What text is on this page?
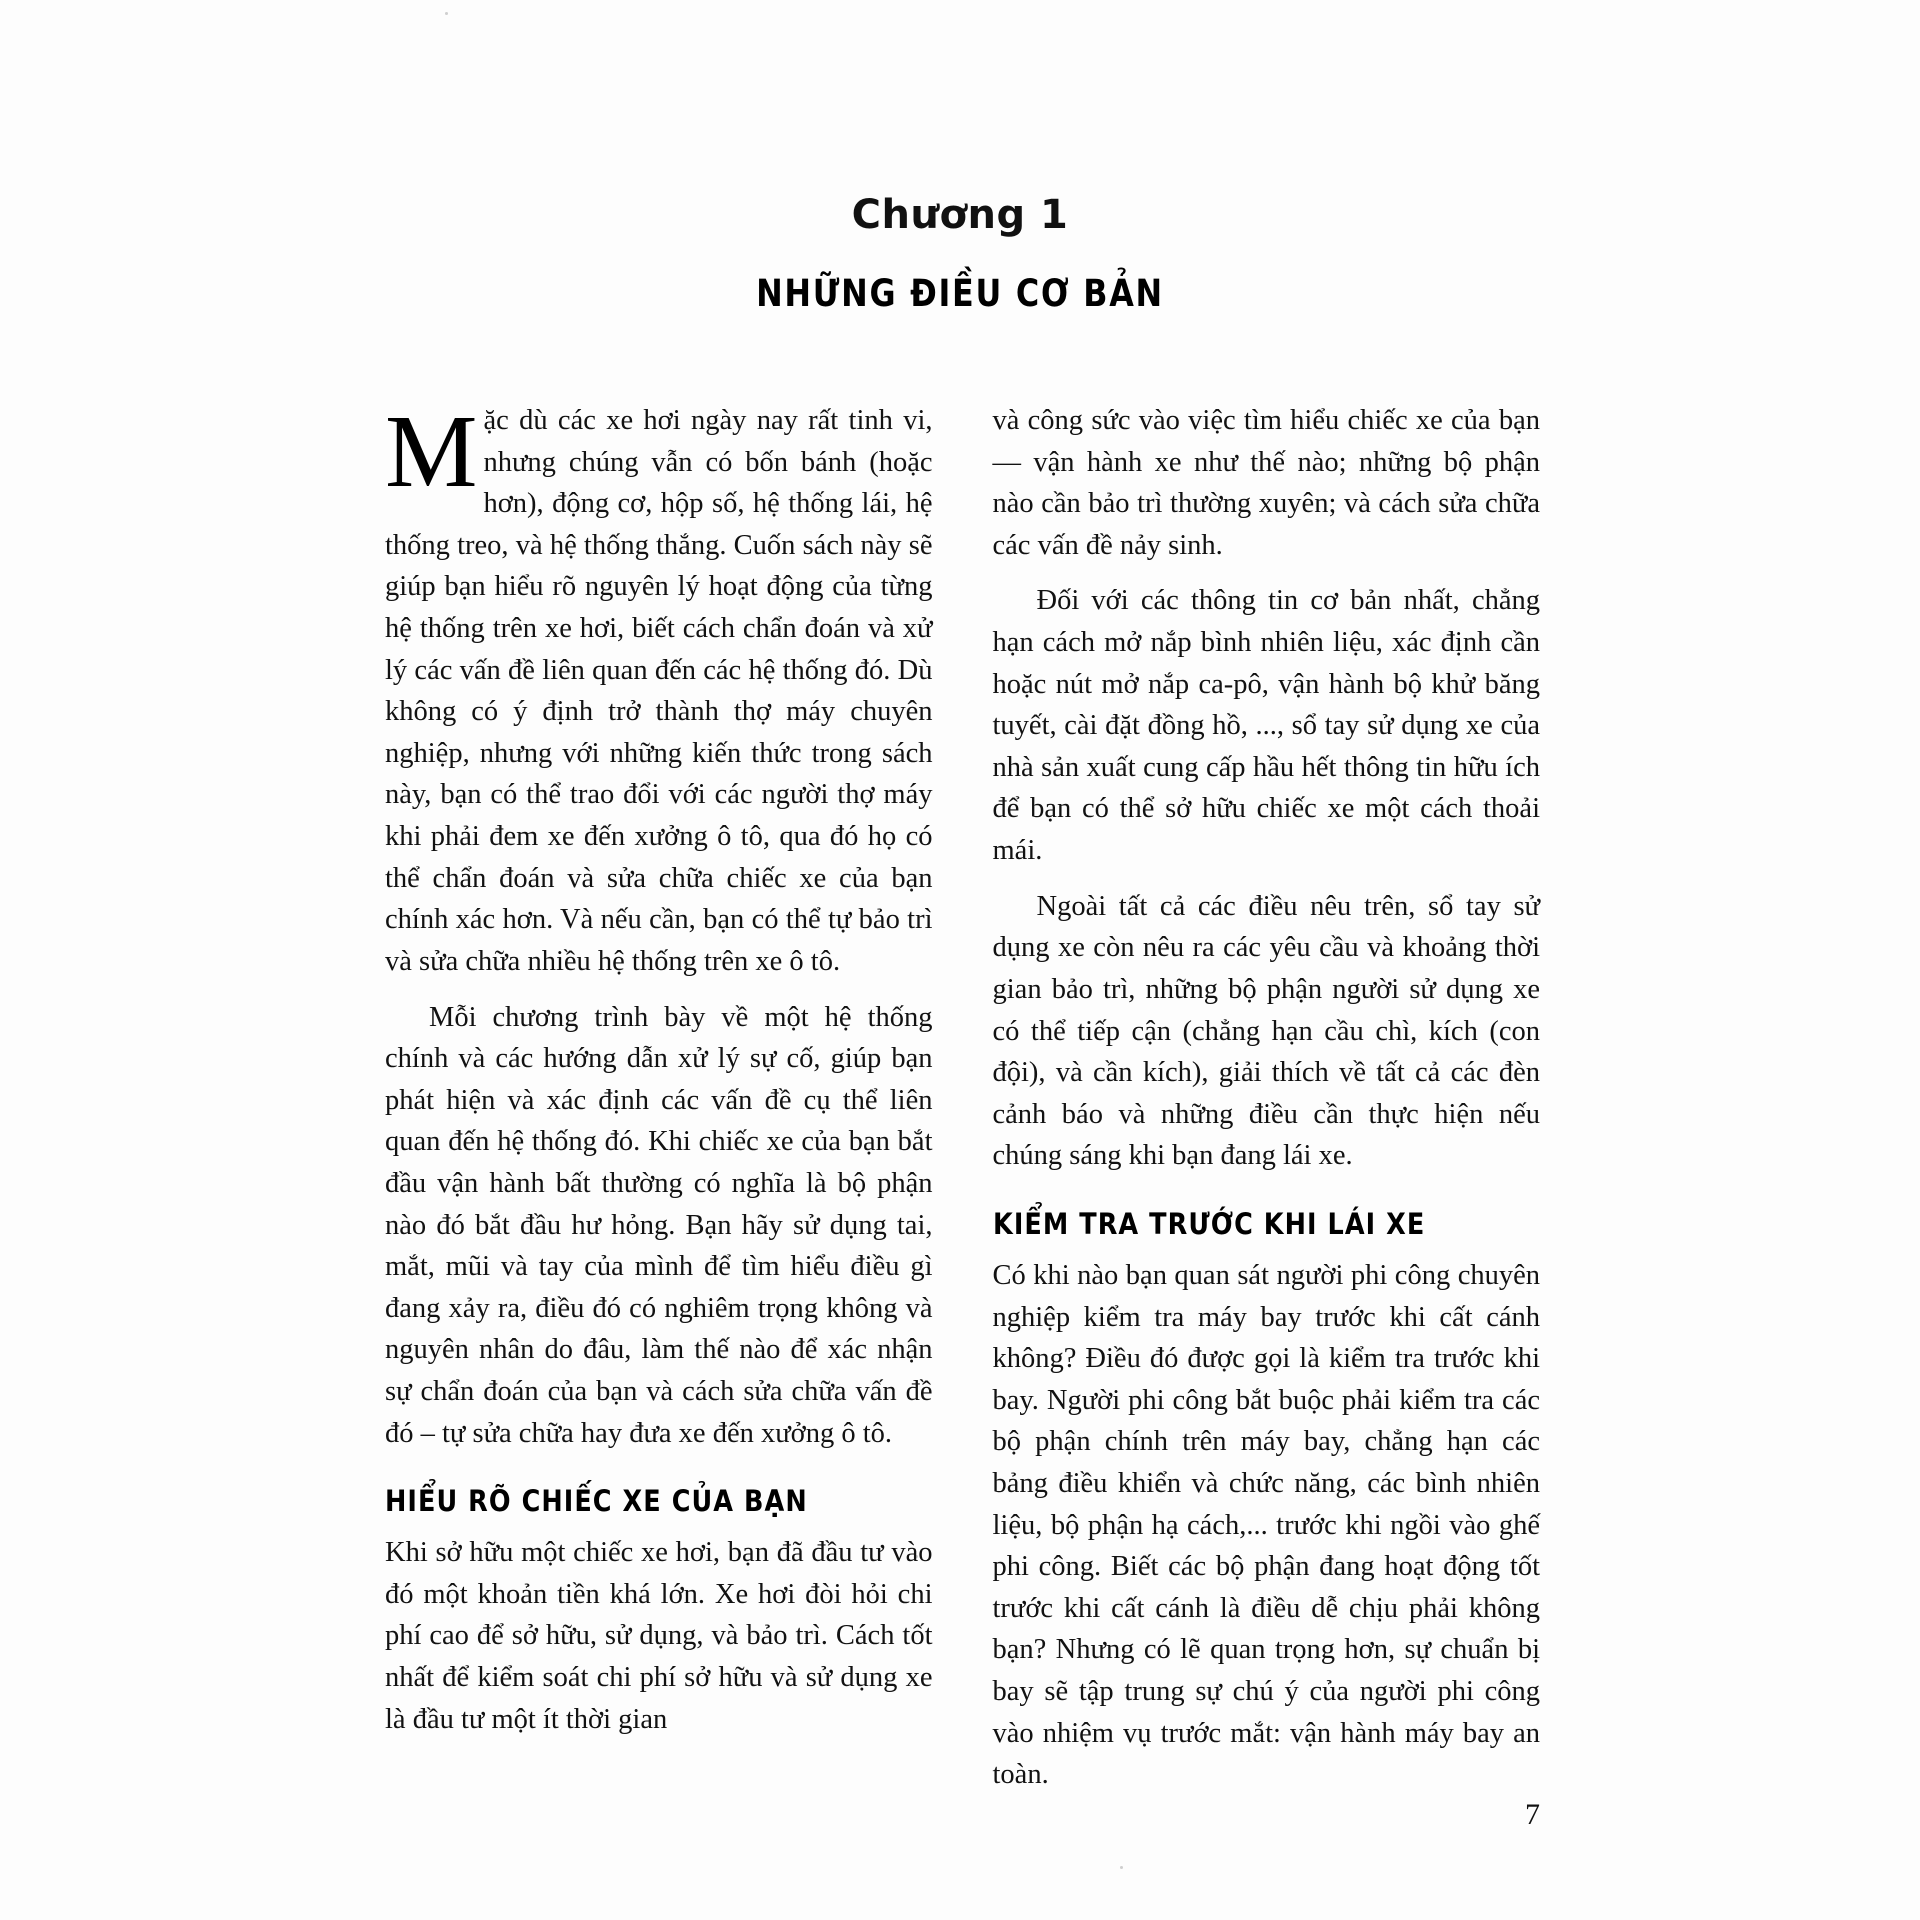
Chương 1
NHỮNG ĐIỀU CƠ BẢN

Mặc dù các xe hơi ngày nay rất tinh vi, nhưng chúng vẫn có bốn bánh (hoặc hơn), động cơ, hộp số, hệ thống lái, hệ thống treo, và hệ thống thắng. Cuốn sách này sẽ giúp bạn hiểu rõ nguyên lý hoạt động của từng hệ thống trên xe hơi, biết cách chẩn đoán và xử lý các vấn đề liên quan đến các hệ thống đó. Dù không có ý định trở thành thợ máy chuyên nghiệp, nhưng với những kiến thức trong sách này, bạn có thể trao đổi với các người thợ máy khi phải đem xe đến xưởng ô tô, qua đó họ có thể chẩn đoán và sửa chữa chiếc xe của bạn chính xác hơn. Và nếu cần, bạn có thể tự bảo trì và sửa chữa nhiều hệ thống trên xe ô tô.

Mỗi chương trình bày về một hệ thống chính và các hướng dẫn xử lý sự cố, giúp bạn phát hiện và xác định các vấn đề cụ thể liên quan đến hệ thống đó. Khi chiếc xe của bạn bắt đầu vận hành bất thường có nghĩa là bộ phận nào đó bắt đầu hư hỏng. Bạn hãy sử dụng tai, mắt, mũi và tay của mình để tìm hiểu điều gì đang xảy ra, điều đó có nghiêm trọng không và nguyên nhân do đâu, làm thế nào để xác nhận sự chẩn đoán của bạn và cách sửa chữa vấn đề đó – tự sửa chữa hay đưa xe đến xưởng ô tô.

HIỂU RÕ CHIẾC XE CỦA BẠN

Khi sở hữu một chiếc xe hơi, bạn đã đầu tư vào đó một khoản tiền khá lớn. Xe hơi đòi hỏi chi phí cao để sở hữu, sử dụng, và bảo trì. Cách tốt nhất để kiểm soát chi phí sở hữu và sử dụng xe là đầu tư một ít thời gian

và công sức vào việc tìm hiểu chiếc xe của bạn — vận hành xe như thế nào; những bộ phận nào cần bảo trì thường xuyên; và cách sửa chữa các vấn đề nảy sinh.

Đối với các thông tin cơ bản nhất, chẳng hạn cách mở nắp bình nhiên liệu, xác định cần hoặc nút mở nắp ca-pô, vận hành bộ khử băng tuyết, cài đặt đồng hồ, ..., sổ tay sử dụng xe của nhà sản xuất cung cấp hầu hết thông tin hữu ích để bạn có thể sở hữu chiếc xe một cách thoải mái.

Ngoài tất cả các điều nêu trên, sổ tay sử dụng xe còn nêu ra các yêu cầu và khoảng thời gian bảo trì, những bộ phận người sử dụng xe có thể tiếp cận (chẳng hạn cầu chì, kích (con đội), và cần kích), giải thích về tất cả các đèn cảnh báo và những điều cần thực hiện nếu chúng sáng khi bạn đang lái xe.

KIỂM TRA TRƯỚC KHI LÁI XE

Có khi nào bạn quan sát người phi công chuyên nghiệp kiểm tra máy bay trước khi cất cánh không? Điều đó được gọi là kiểm tra trước khi bay. Người phi công bắt buộc phải kiểm tra các bộ phận chính trên máy bay, chẳng hạn các bảng điều khiển và chức năng, các bình nhiên liệu, bộ phận hạ cách,... trước khi ngồi vào ghế phi công. Biết các bộ phận đang hoạt động tốt trước khi cất cánh là điều dễ chịu phải không bạn? Nhưng có lẽ quan trọng hơn, sự chuẩn bị bay sẽ tập trung sự chú ý của người phi công vào nhiệm vụ trước mắt: vận hành máy bay an toàn.

7
